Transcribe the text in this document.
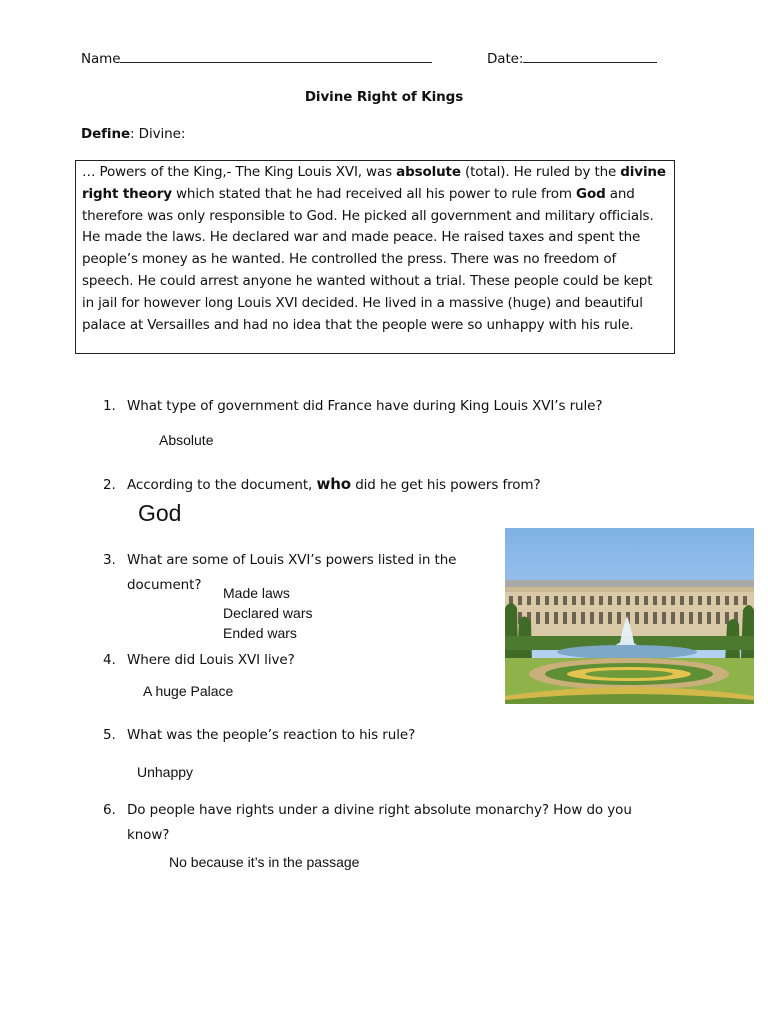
Name	Date:
Divine Right of Kings
Define: Divine:

… Powers of the King,- The King Louis XVI, was absolute (total). He ruled by the divine right theory which stated that he had received all his power to rule from God and therefore was only responsible to God. He picked all government and military officials. He made the laws. He declared war and made peace. He raised taxes and spent the people’s money as he wanted. He controlled the press. There was no freedom of speech. He could arrest anyone he wanted without a trial. These people could be kept in jail for however long Louis XVI decided. He lived in a massive (huge) and beautiful palace at Versailles and had no idea that the people were so unhappy with his rule.

1. What type of government did France have during King Louis XVI’s rule?
Absolute
2. According to the document, who did he get his powers from?
God
3. What are some of Louis XVI’s powers listed in the
document? Made laws
Declared wars
Ended wars
4. Where did Louis XVI live?
A huge Palace
5. What was the people’s reaction to his rule?
Unhappy
6. Do people have rights under a divine right absolute monarchy? How do you
know?
No because it’s in the passage
